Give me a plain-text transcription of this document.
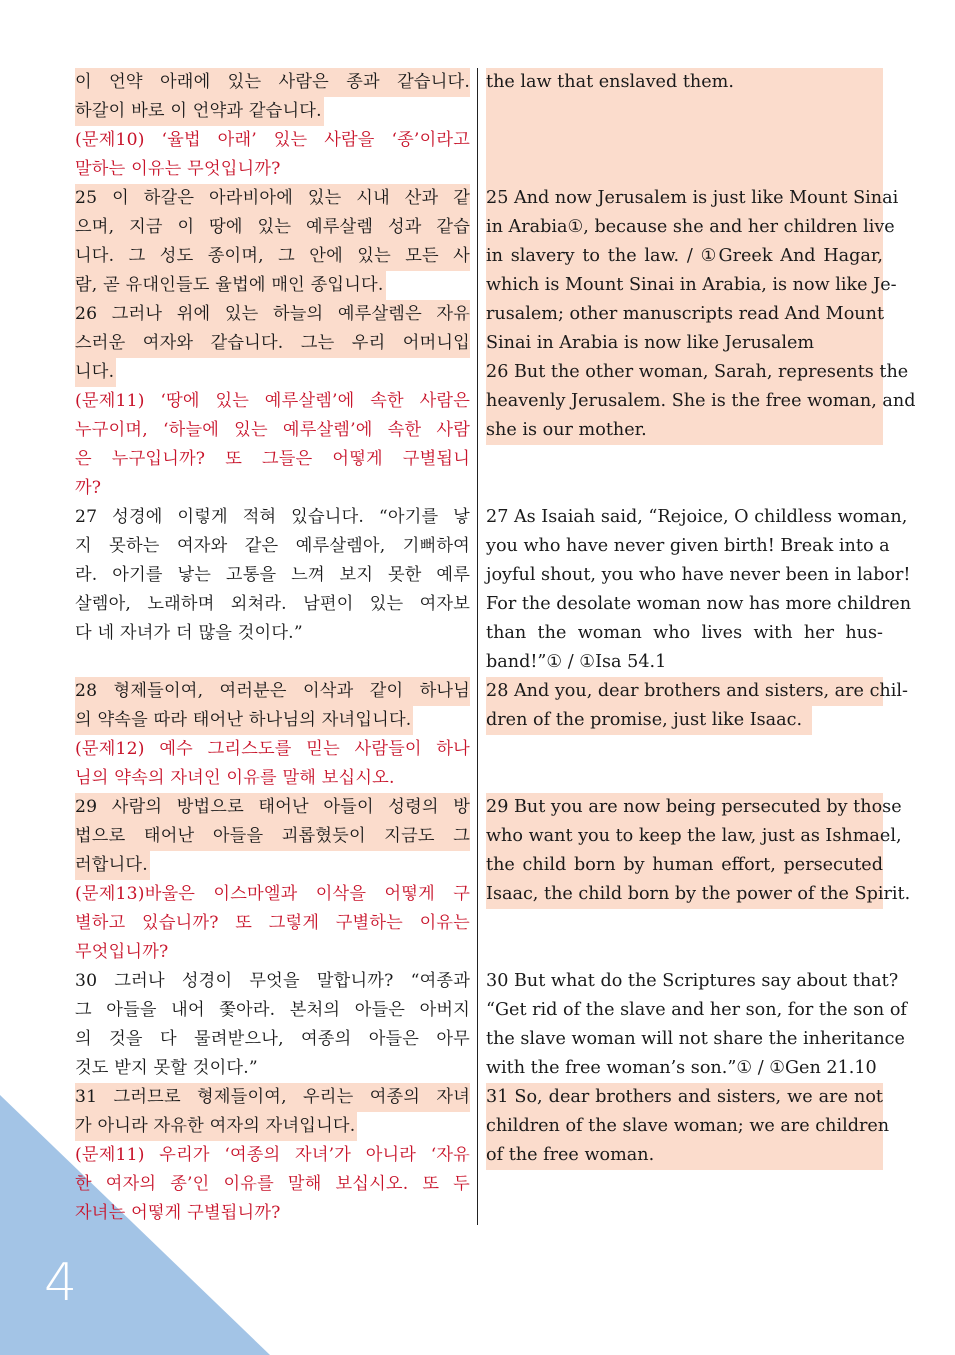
4
이 언약 아래에 있는 사람은 종과 같습니다.
하갈이 바로 이 언약과 같습니다.
(문제10) ‘율법 아래’ 있는 사람을 ‘종’이라고
말하는 이유는 무엇입니까?
25 이 하갈은 아라비아에 있는 시내 산과 같
으며, 지금 이 땅에 있는 예루살렘 성과 같습
니다. 그 성도 종이며, 그 안에 있는 모든 사
람, 곧 유대인들도 율법에 매인 종입니다.
26 그러나 위에 있는 하늘의 예루살렘은 자유
스러운 여자와 같습니다. 그는 우리 어머니입
니다.
(문제11) ‘땅에 있는 예루살렘’에 속한 사람은
누구이며, ‘하늘에 있는 예루살렘’에 속한 사람
은 누구입니까? 또 그들은 어떻게 구별됩니
까?
27 성경에 이렇게 적혀 있습니다. “아기를 낳
지 못하는 여자와 같은 예루살렘아, 기뻐하여
라. 아기를 낳는 고통을 느껴 보지 못한 예루
살렘아, 노래하며 외쳐라. 남편이 있는 여자보
다 네 자녀가 더 많을 것이다.”
28 형제들이여, 여러분은 이삭과 같이 하나님
의 약속을 따라 태어난 하나님의 자녀입니다.
(문제12) 예수 그리스도를 믿는 사람들이 하나
님의 약속의 자녀인 이유를 말해 보십시오.
29 사람의 방법으로 태어난 아들이 성령의 방
법으로 태어난 아들을 괴롭혔듯이 지금도 그
러합니다.
(문제13)바울은 이스마엘과 이삭을 어떻게 구
별하고 있습니까? 또 그렇게 구별하는 이유는
무엇입니까?
30 그러나 성경이 무엇을 말합니까? “여종과
그 아들을 내어 쫓아라. 본처의 아들은 아버지
의 것을 다 물려받으나, 여종의 아들은 아무
것도 받지 못할 것이다.”
31 그러므로 형제들이여, 우리는 여종의 자녀
가 아니라 자유한 여자의 자녀입니다.
(문제11) 우리가 ‘여종의 자녀’가 아니라 ‘자유
한 여자의 종’인 이유를 말해 보십시오. 또 두
자녀는 어떻게 구별됩니까?
the law that enslaved them.
25 And now Jerusalem is just like Mount Sinai
in Arabia①, because she and her children live
in slavery to the law. / ①Greek And Hagar,
which is Mount Sinai in Arabia, is now like Je-
rusalem; other manuscripts read And Mount
Sinai in Arabia is now like Jerusalem
26 But the other woman, Sarah, represents the
heavenly Jerusalem. She is the free woman, and
she is our mother.
27 As Isaiah said, “Rejoice, O childless woman,
you who have never given birth! Break into a
joyful shout, you who have never been in labor!
For the desolate woman now has more children
than the woman who lives with her hus-
band!”① / ①Isa 54.1
28 And you, dear brothers and sisters, are chil-
dren of the promise, just like Isaac.
29 But you are now being persecuted by those
who want you to keep the law, just as Ishmael,
the child born by human effort, persecuted
Isaac, the child born by the power of the Spirit.
30 But what do the Scriptures say about that?
“Get rid of the slave and her son, for the son of
the slave woman will not share the inheritance
with the free woman’s son.”① / ①Gen 21.10
31 So, dear brothers and sisters, we are not
children of the slave woman; we are children
of the free woman.
